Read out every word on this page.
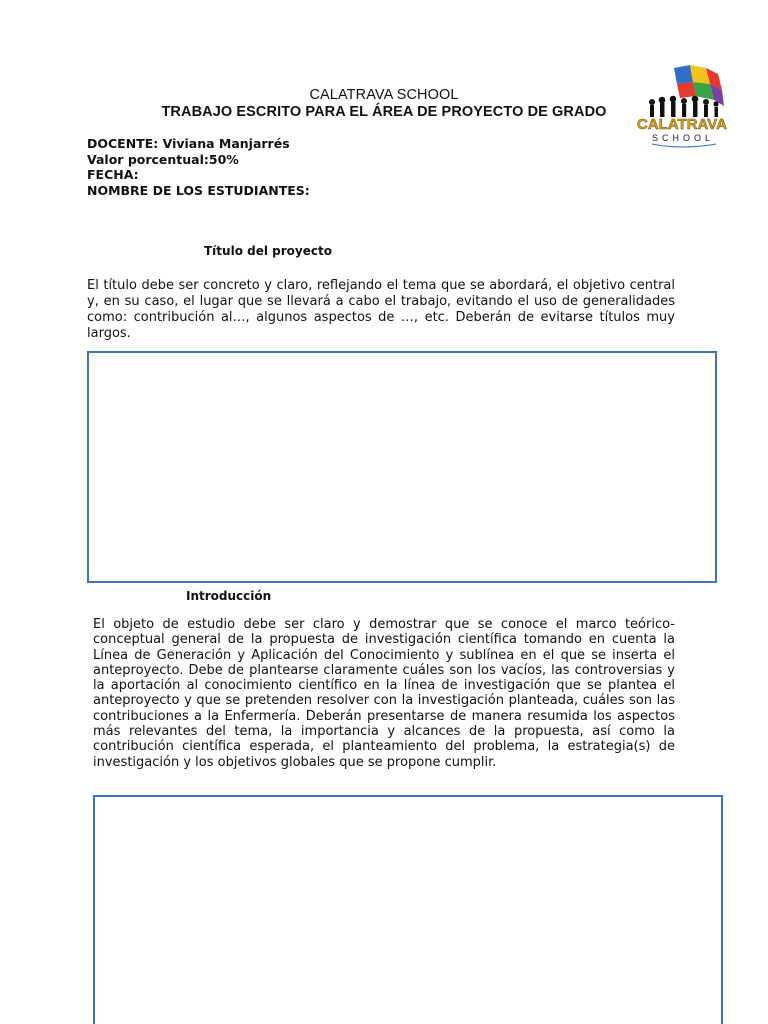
CALATRAVA SCHOOL
TRABAJO ESCRITO PARA EL ÁREA DE PROYECTO DE GRADO
CALATRAVA
SCHOOL
DOCENTE: Viviana Manjarrés
Valor porcentual:50%
FECHA:
NOMBRE DE LOS ESTUDIANTES:
Título del proyecto
El título debe ser concreto y claro, reflejando el tema que se abordará, el objetivo central y, en su caso, el lugar que se llevará a cabo el trabajo, evitando el uso de generalidades como: contribución al…, algunos aspectos de …, etc. Deberán de evitarse títulos muy largos.
Introducción
El objeto de estudio debe ser claro y demostrar que se conoce el marco teórico-conceptual general de la propuesta de investigación científica tomando en cuenta la Línea de Generación y Aplicación del Conocimiento y sublínea en el que se inserta el anteproyecto. Debe de plantearse claramente cuáles son los vacíos, las controversias y la aportación al conocimiento científico en la línea de investigación que se plantea el anteproyecto y que se pretenden resolver con la investigación planteada, cuáles son las contribuciones a la Enfermería. Deberán presentarse de manera resumida los aspectos más relevantes del tema, la importancia y alcances de la propuesta, así como la contribución científica esperada, el planteamiento del problema, la estrategia(s) de investigación y los objetivos globales que se propone cumplir.
